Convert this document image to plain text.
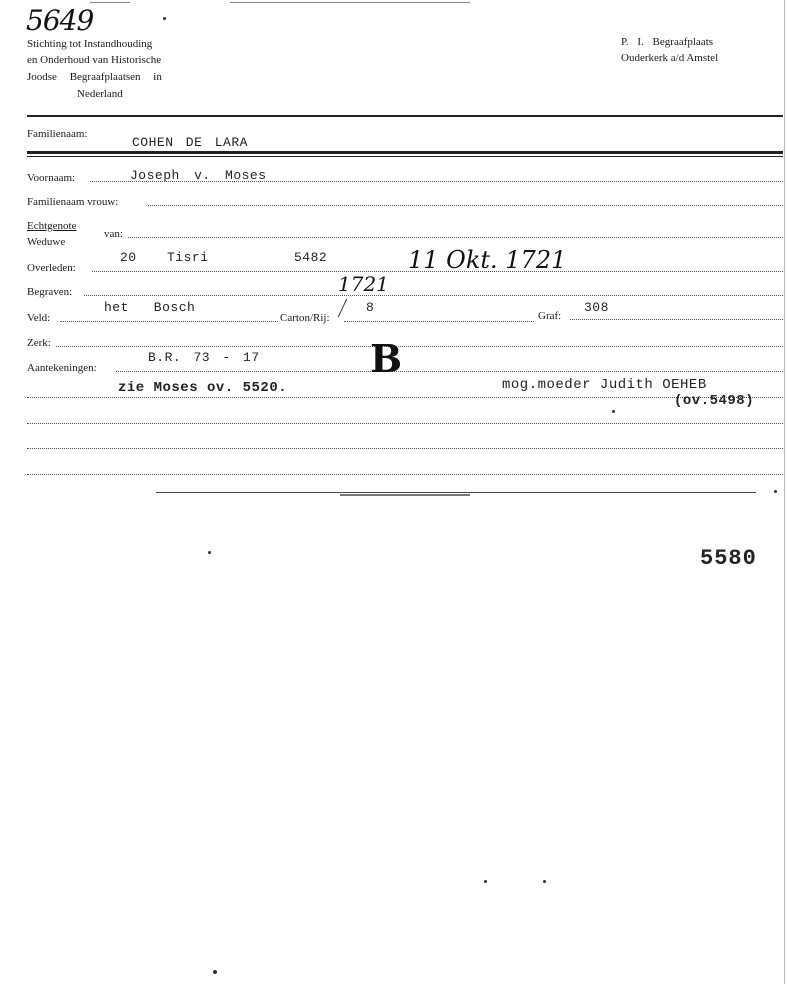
5649
Stichting tot Instandhouding
en Onderhoud van Historische
Joodse Begraafplaatsen in
Nederland
P. I. Begraafplaats
Ouderkerk a/d Amstel
Familienaam:
COHEN DE LARA
Voornaam:	Joseph v. Moses
Familienaam vrouw:
Echtgenote
Weduwe
van:
Overleden:
20 Tisri	5482	11 Okt. 1721
Begraven:	1721
Veld:
het   Bosch
Carton/Rij:
8
Graf:
308
Zerk:
Aantekeningen:
B.R. 73 - 17	B
zie Moses ov. 5520.	mog.moeder Judith OEHEB
(ov.5498)
5580
